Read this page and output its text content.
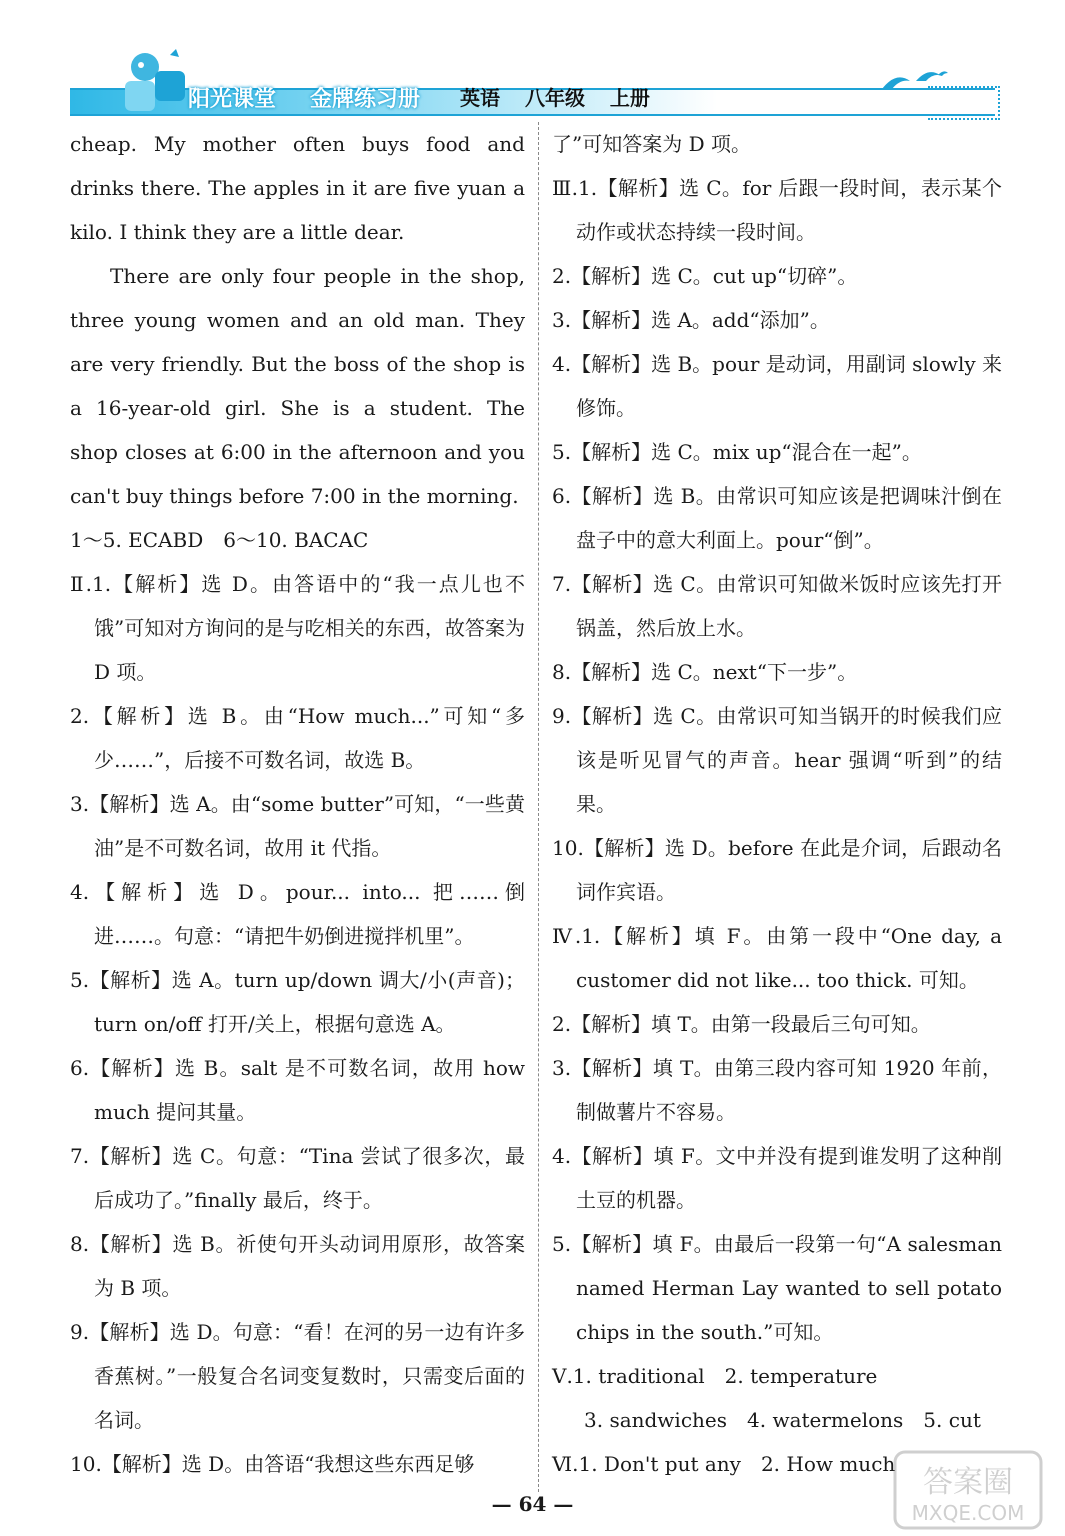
阳光课堂 金牌练习册 英语 八年级 上册

cheap. My mother often buys food and drinks there. The apples in it are five yuan a kilo. I think they are a little dear.

There are only four people in the shop, three young women and an old man. They are very friendly. But the boss of the shop is a 16-year-old girl. She is a student. The shop closes at 6:00 in the afternoon and you can't buy things before 7:00 in the morning.

1～5. ECABD　6～10. BACAC

Ⅱ.1.【解析】选 D。由答语中的“我一点儿也不饿”可知对方询问的是与吃相关的东西，故答案为 D 项。

2.【解析】选 B。由“How much...”可知“多少……”，后接不可数名词，故选 B。

3.【解析】选 A。由“some butter”可知，“一些黄油”是不可数名词，故用 it 代指。

4.【解析】选 D。pour... into... 把……倒进……。句意：“请把牛奶倒进搅拌机里”。

5.【解析】选 A。turn up/down 调大/小(声音)；turn on/off 打开/关上，根据句意选 A。

6.【解析】选 B。salt 是不可数名词，故用 how much 提问其量。

7.【解析】选 C。句意：“Tina 尝试了很多次，最后成功了。”finally 最后，终于。

8.【解析】选 B。祈使句开头动词用原形，故答案为 B 项。

9.【解析】选 D。句意：“看！在河的另一边有许多香蕉树。”一般复合名词变复数时，只需变后面的名词。

10.【解析】选 D。由答语“我想这些东西足够

了”可知答案为 D 项。

Ⅲ.1.【解析】选 C。for 后跟一段时间，表示某个动作或状态持续一段时间。

2.【解析】选 C。cut up“切碎”。

3.【解析】选 A。add“添加”。

4.【解析】选 B。pour 是动词，用副词 slowly 来修饰。

5.【解析】选 C。mix up“混合在一起”。

6.【解析】选 B。由常识可知应该是把调味汁倒在盘子中的意大利面上。pour“倒”。

7.【解析】选 C。由常识可知做米饭时应该先打开锅盖，然后放上水。

8.【解析】选 C。next“下一步”。

9.【解析】选 C。由常识可知当锅开的时候我们应该是听见冒气的声音。hear 强调“听到”的结果。

10.【解析】选 D。before 在此是介词，后跟动名词作宾语。

Ⅳ.1.【解析】填 F。由第一段中“One day, a customer did not like... too thick. 可知。

2.【解析】填 T。由第一段最后三句可知。

3.【解析】填 T。由第三段内容可知 1920 年前，制做薯片不容易。

4.【解析】填 F。文中并没有提到谁发明了这种削土豆的机器。

5.【解析】填 F。由最后一段第一句“A salesman named Herman Lay wanted to sell potato chips in the south.”可知。

Ⅴ.1. traditional　2. temperature

3. sandwiches　4. watermelons　5. cut

Ⅵ.1. Don't put any　2. How much

— 64 —
答案圈
MXQE.COM
